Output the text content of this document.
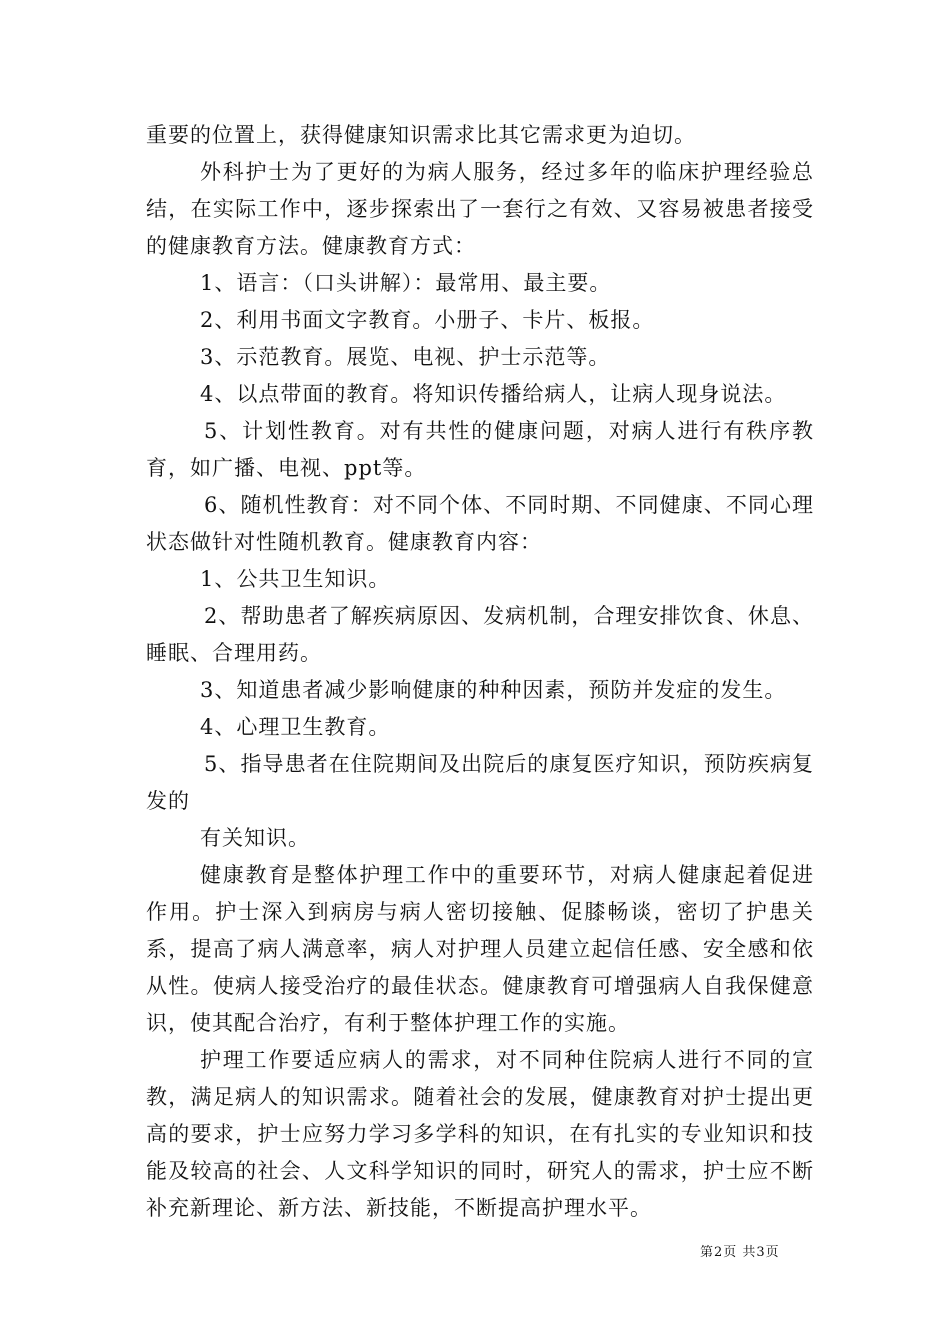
重要的位置上，获得健康知识需求比其它需求更为迫切。

外科护士为了更好的为病人服务，经过多年的临床护理经验总结，在实际工作中，逐步探索出了一套行之有效、又容易被患者接受的健康教育方法。健康教育方式：

1、语言：（口头讲解）：最常用、最主要。

2、利用书面文字教育。小册子、卡片、板报。

3、示范教育。展览、电视、护士示范等。

4、以点带面的教育。将知识传播给病人，让病人现身说法。

5、计划性教育。对有共性的健康问题，对病人进行有秩序教育，如广播、电视、ppt等。

6、随机性教育：对不同个体、不同时期、不同健康、不同心理状态做针对性随机教育。健康教育内容：

1、公共卫生知识。

2、帮助患者了解疾病原因、发病机制，合理安排饮食、休息、睡眠、合理用药。

3、知道患者减少影响健康的种种因素，预防并发症的发生。

4、心理卫生教育。

5、指导患者在住院期间及出院后的康复医疗知识，预防疾病复发的

有关知识。

健康教育是整体护理工作中的重要环节，对病人健康起着促进作用。护士深入到病房与病人密切接触、促膝畅谈，密切了护患关系，提高了病人满意率，病人对护理人员建立起信任感、安全感和依从性。使病人接受治疗的最佳状态。健康教育可增强病人自我保健意识，使其配合治疗，有利于整体护理工作的实施。

护理工作要适应病人的需求，对不同种住院病人进行不同的宣教，满足病人的知识需求。随着社会的发展，健康教育对护士提出更高的要求，护士应努力学习多学科的知识，在有扎实的专业知识和技能及较高的社会、人文科学知识的同时，研究人的需求，护士应不断补充新理论、新方法、新技能，不断提高护理水平。

第2页 共3页
